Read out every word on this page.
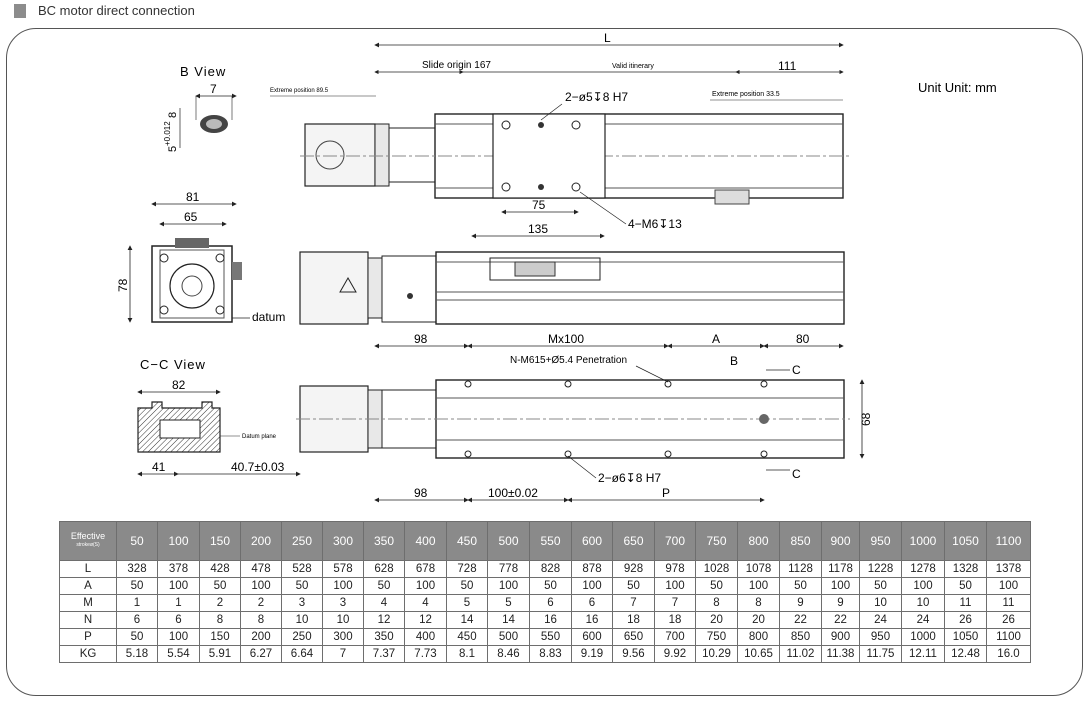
BC motor direct connection
Unit Unit: mm
B View
7
5
+0.012
8
81
65
78
datum
C−C View
82
Datum plane
41	40.7±0.03
L
Slide origin 167	Valid itinerary	111
Extreme position 89.5	Extreme position 33.5
2−ø5↧8 H7
75
135	4−M6↧13
98	Mx100	A	80
N-M615+Ø5.4 Penetration	B
C
68
C
2−ø6↧8 H7
98	100±0.02	P
Effective
strokeø(S)	50	100	150	200	250	300	350	400	450	500	550	600	650	700	750	800	850	900	950	1000	1050	1100
L	328	378	428	478	528	578	628	678	728	778	828	878	928	978	1028	1078	1128	1178	1228	1278	1328	1378
A	50	100	50	100	50	100	50	100	50	100	50	100	50	100	50	100	50	100	50	100	50	100
M	1	1	2	2	3	3	4	4	5	5	6	6	7	7	8	8	9	9	10	10	11	11
N	6	6	8	8	10	10	12	12	14	14	16	16	18	18	20	20	22	22	24	24	26	26
P	50	100	150	200	250	300	350	400	450	500	550	600	650	700	750	800	850	900	950	1000	1050	1100
KG	5.18	5.54	5.91	6.27	6.64	7	7.37	7.73	8.1	8.46	8.83	9.19	9.56	9.92	10.29	10.65	11.02	11.38	11.75	12.11	12.48	16.0
